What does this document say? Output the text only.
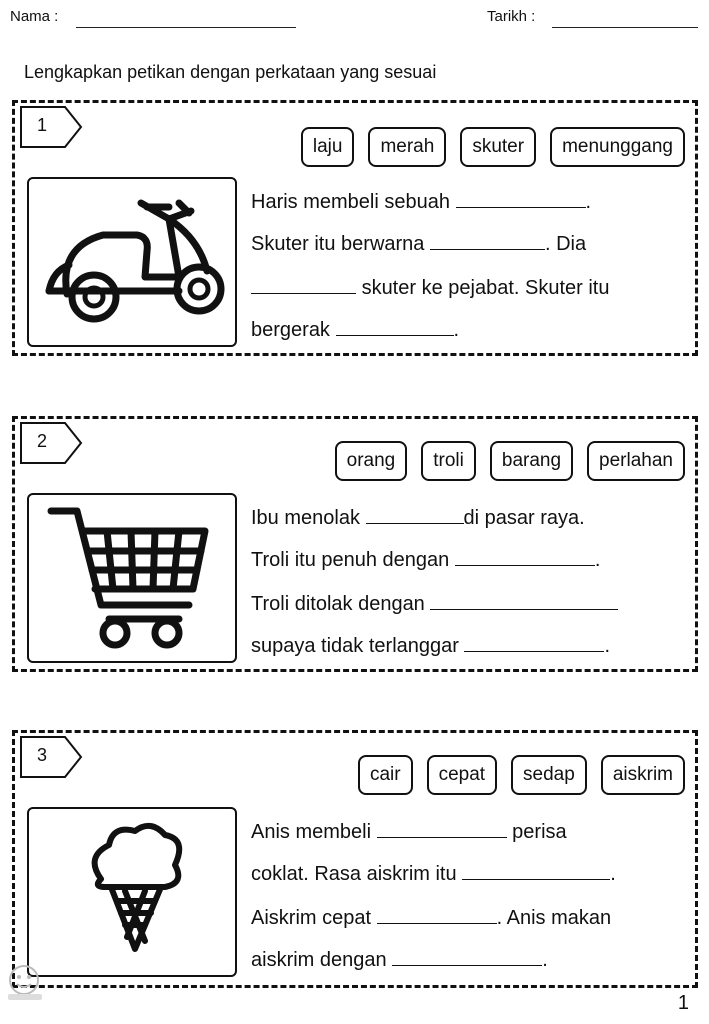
Nama :	Tarikh :
Lengkapkan petikan dengan perkataan yang sesuai
1
laju	merah	skuter	menunggang
Haris membeli sebuah	.
Skuter itu berwarna	. Dia
skuter ke pejabat. Skuter itu
bergerak	.
2
orang	troli	barang	perlahan
Ibu menolak	di pasar raya.
Troli itu penuh dengan	.
Troli ditolak dengan
supaya tidak terlanggar	.
3
cair	cepat	sedap	aiskrim
Anis membeli	perisa
coklat. Rasa aiskrim itu	.
Aiskrim cepat	. Anis makan
aiskrim dengan	.
1
